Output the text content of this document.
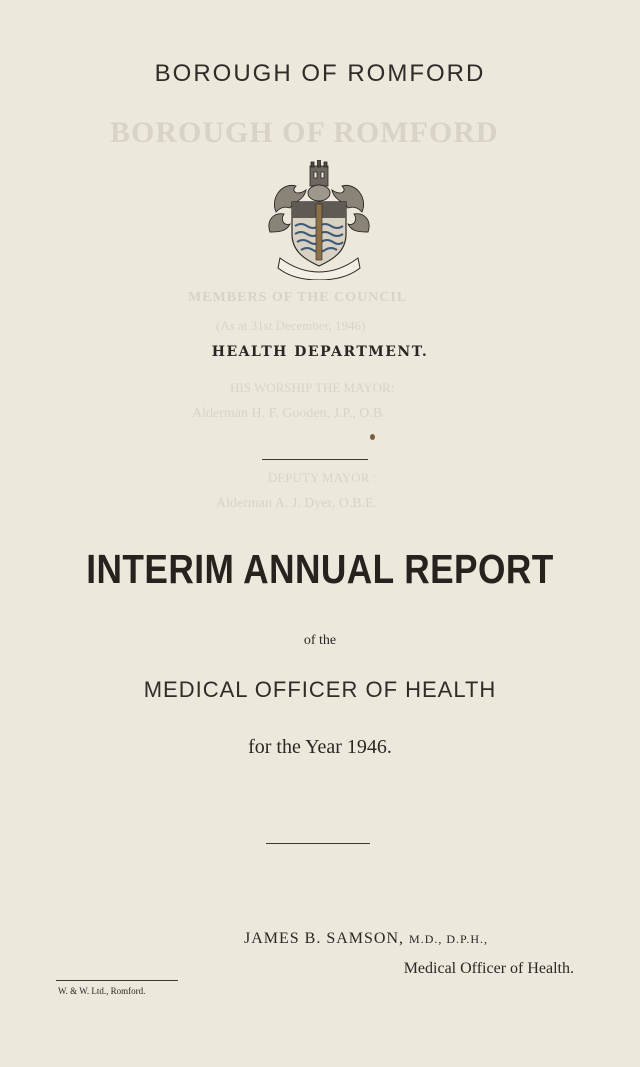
BOROUGH OF ROMFORD
MEMBERS OF THE COUNCIL
(As at 31st December, 1946)
HIS WORSHIP THE MAYOR:
Alderman H. F. Gooden, J.P., O.B.
DEPUTY MAYOR :
Alderman A. J. Dyer, O.B.E.
BOROUGH OF ROMFORD
HEALTH DEPARTMENT.
INTERIM ANNUAL REPORT
of the
MEDICAL OFFICER OF HEALTH
for the Year 1946.
JAMES B. SAMSON, M.D., D.P.H.,
Medical Officer of Health.
W. & W. Ltd., Romford.
